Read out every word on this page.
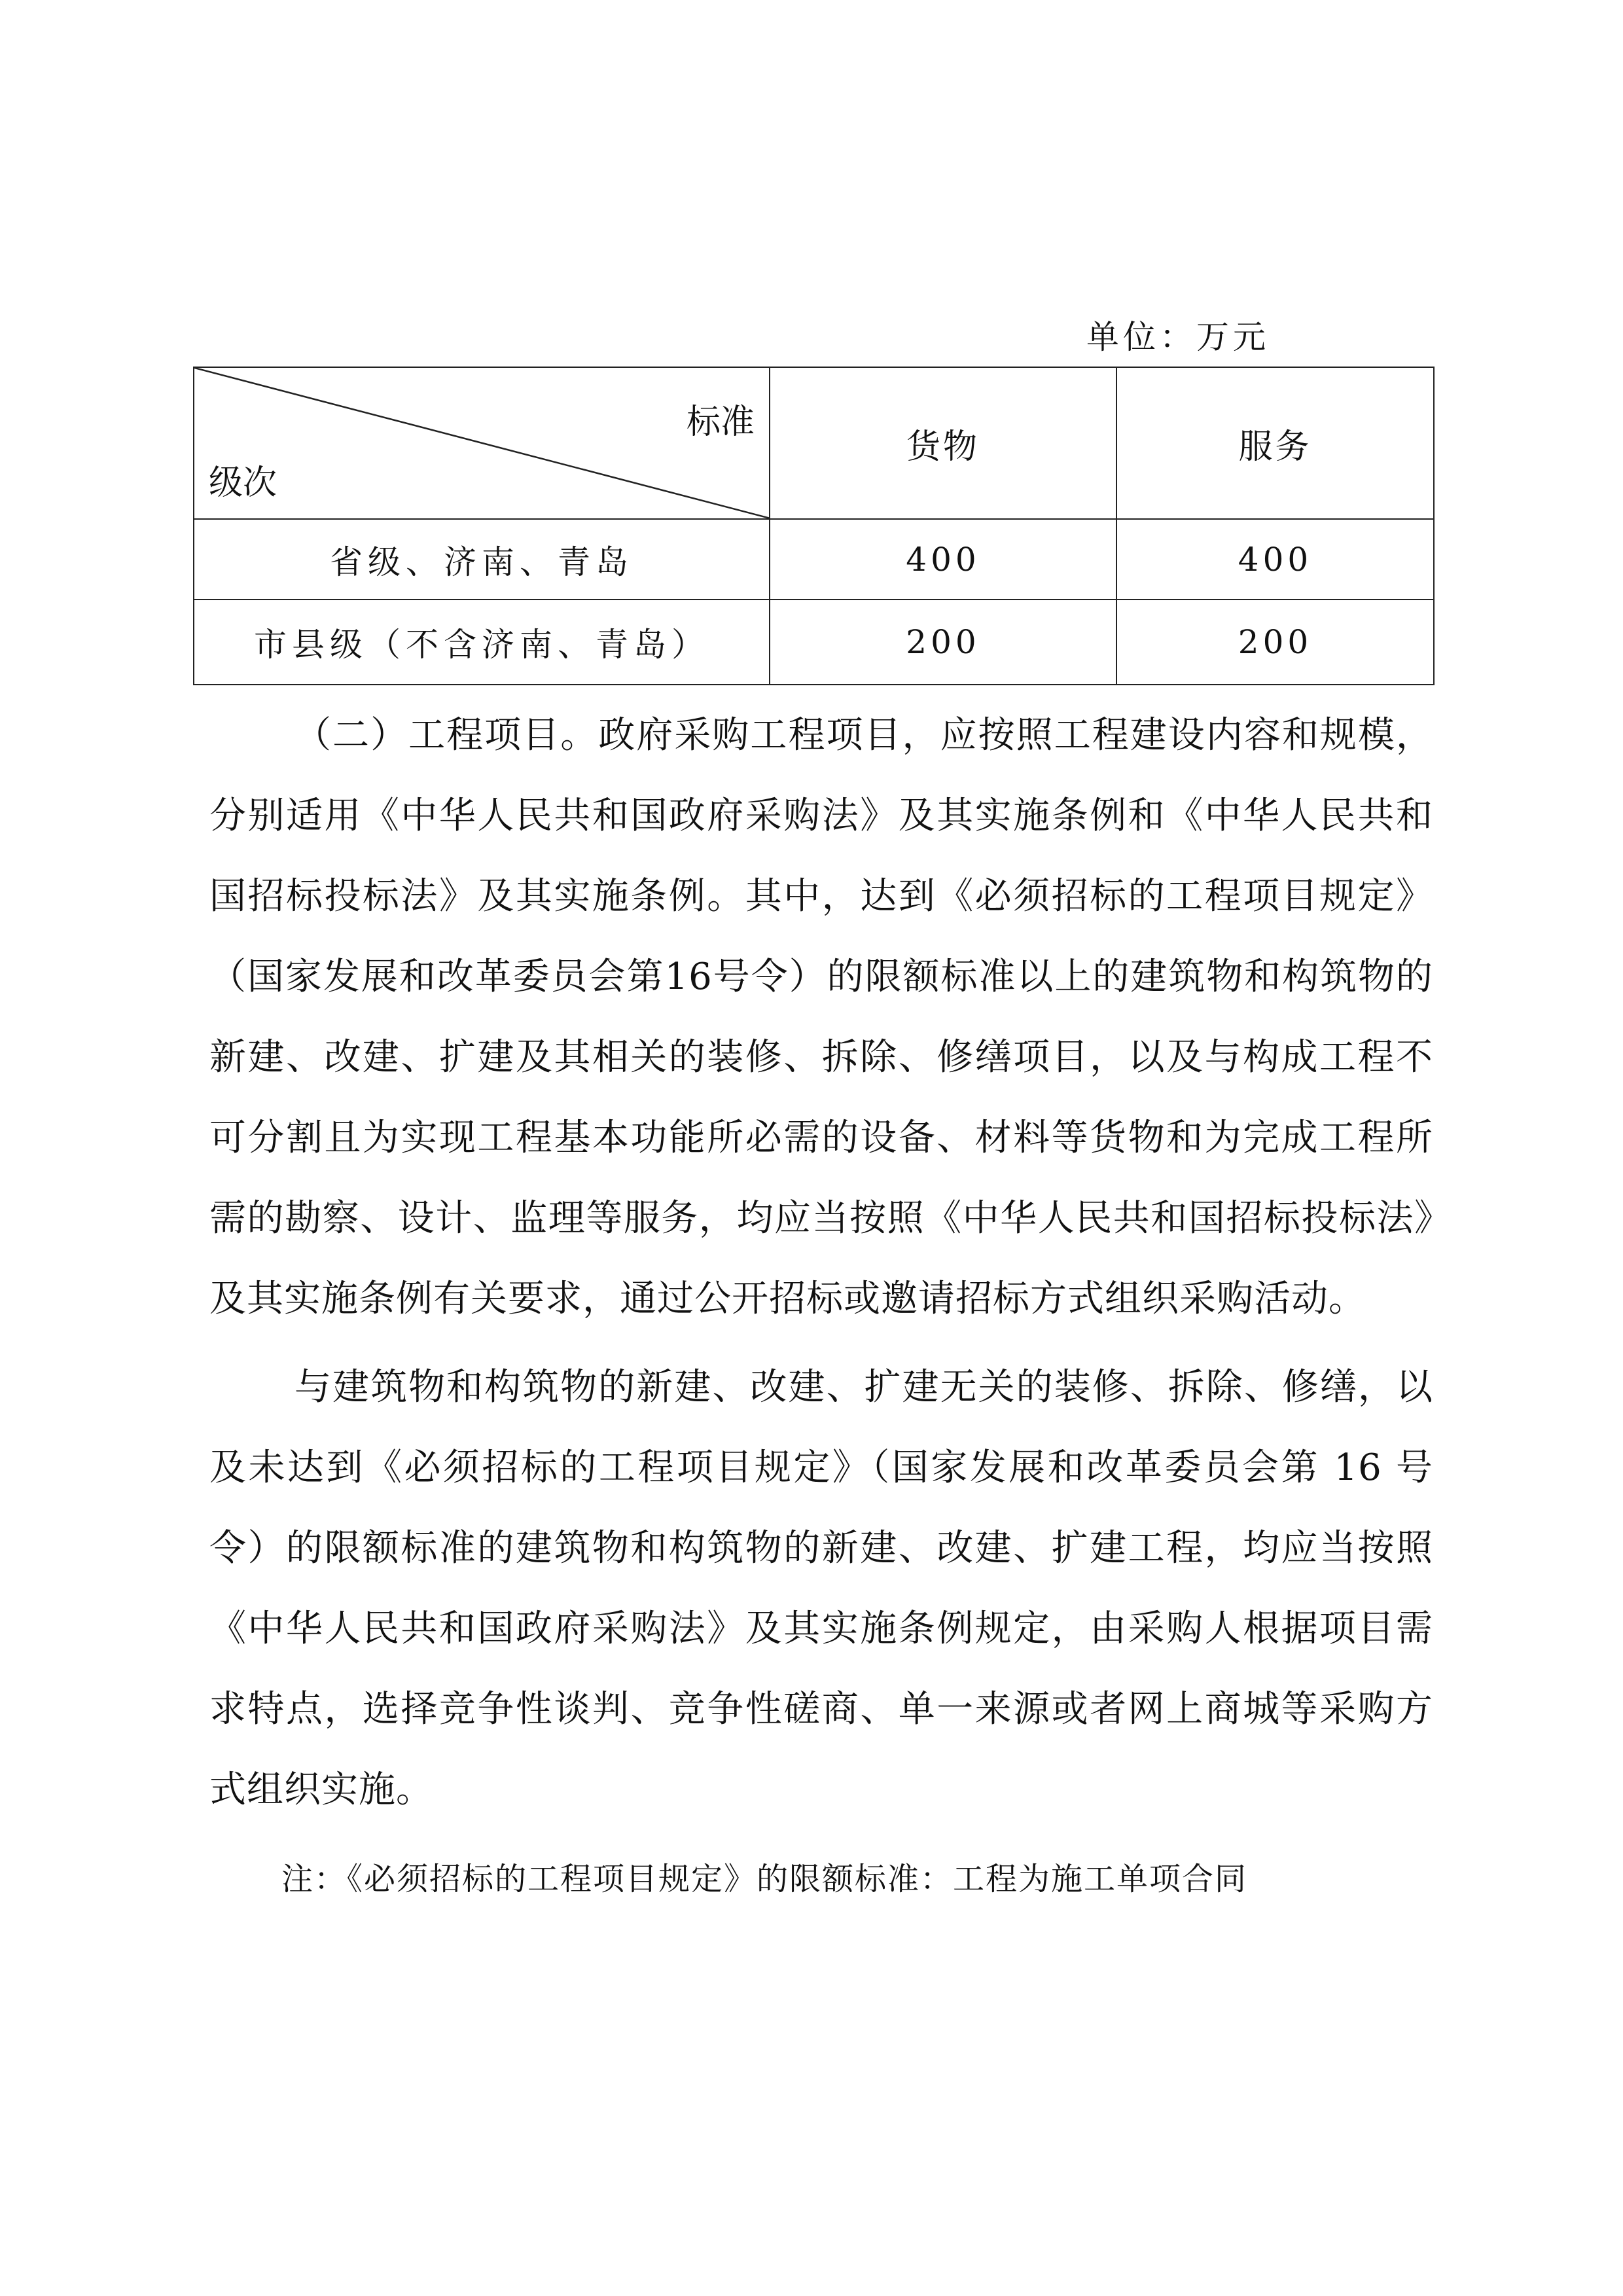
单位：万元
标准
级次	货物	服务
省级、济南、青岛	400	400
市县级（不含济南、青岛）	200	200

（二）工程项目。政府采购工程项目，应按照工程建设内容和规模，分别适用《中华人民共和国政府采购法》及其实施条例和《中华人民共和国招标投标法》及其实施条例。其中，达到《必须招标的工程项目规定》（国家发展和改革委员会第16号令）的限额标准以上的建筑物和构筑物的新建、改建、扩建及其相关的装修、拆除、修缮项目，以及与构成工程不可分割且为实现工程基本功能所必需的设备、材料等货物和为完成工程所需的勘察、设计、监理等服务，均应当按照《中华人民共和国招标投标法》及其实施条例有关要求，通过公开招标或邀请招标方式组织采购活动。

与建筑物和构筑物的新建、改建、扩建无关的装修、拆除、修缮，以及未达到《必须招标的工程项目规定》（国家发展和改革委员会第 16 号令）的限额标准的建筑物和构筑物的新建、改建、扩建工程，均应当按照《中华人民共和国政府采购法》及其实施条例规定，由采购人根据项目需求特点，选择竞争性谈判、竞争性磋商、单一来源或者网上商城等采购方式组织实施。

注：《必须招标的工程项目规定》的限额标准：工程为施工单项合同
